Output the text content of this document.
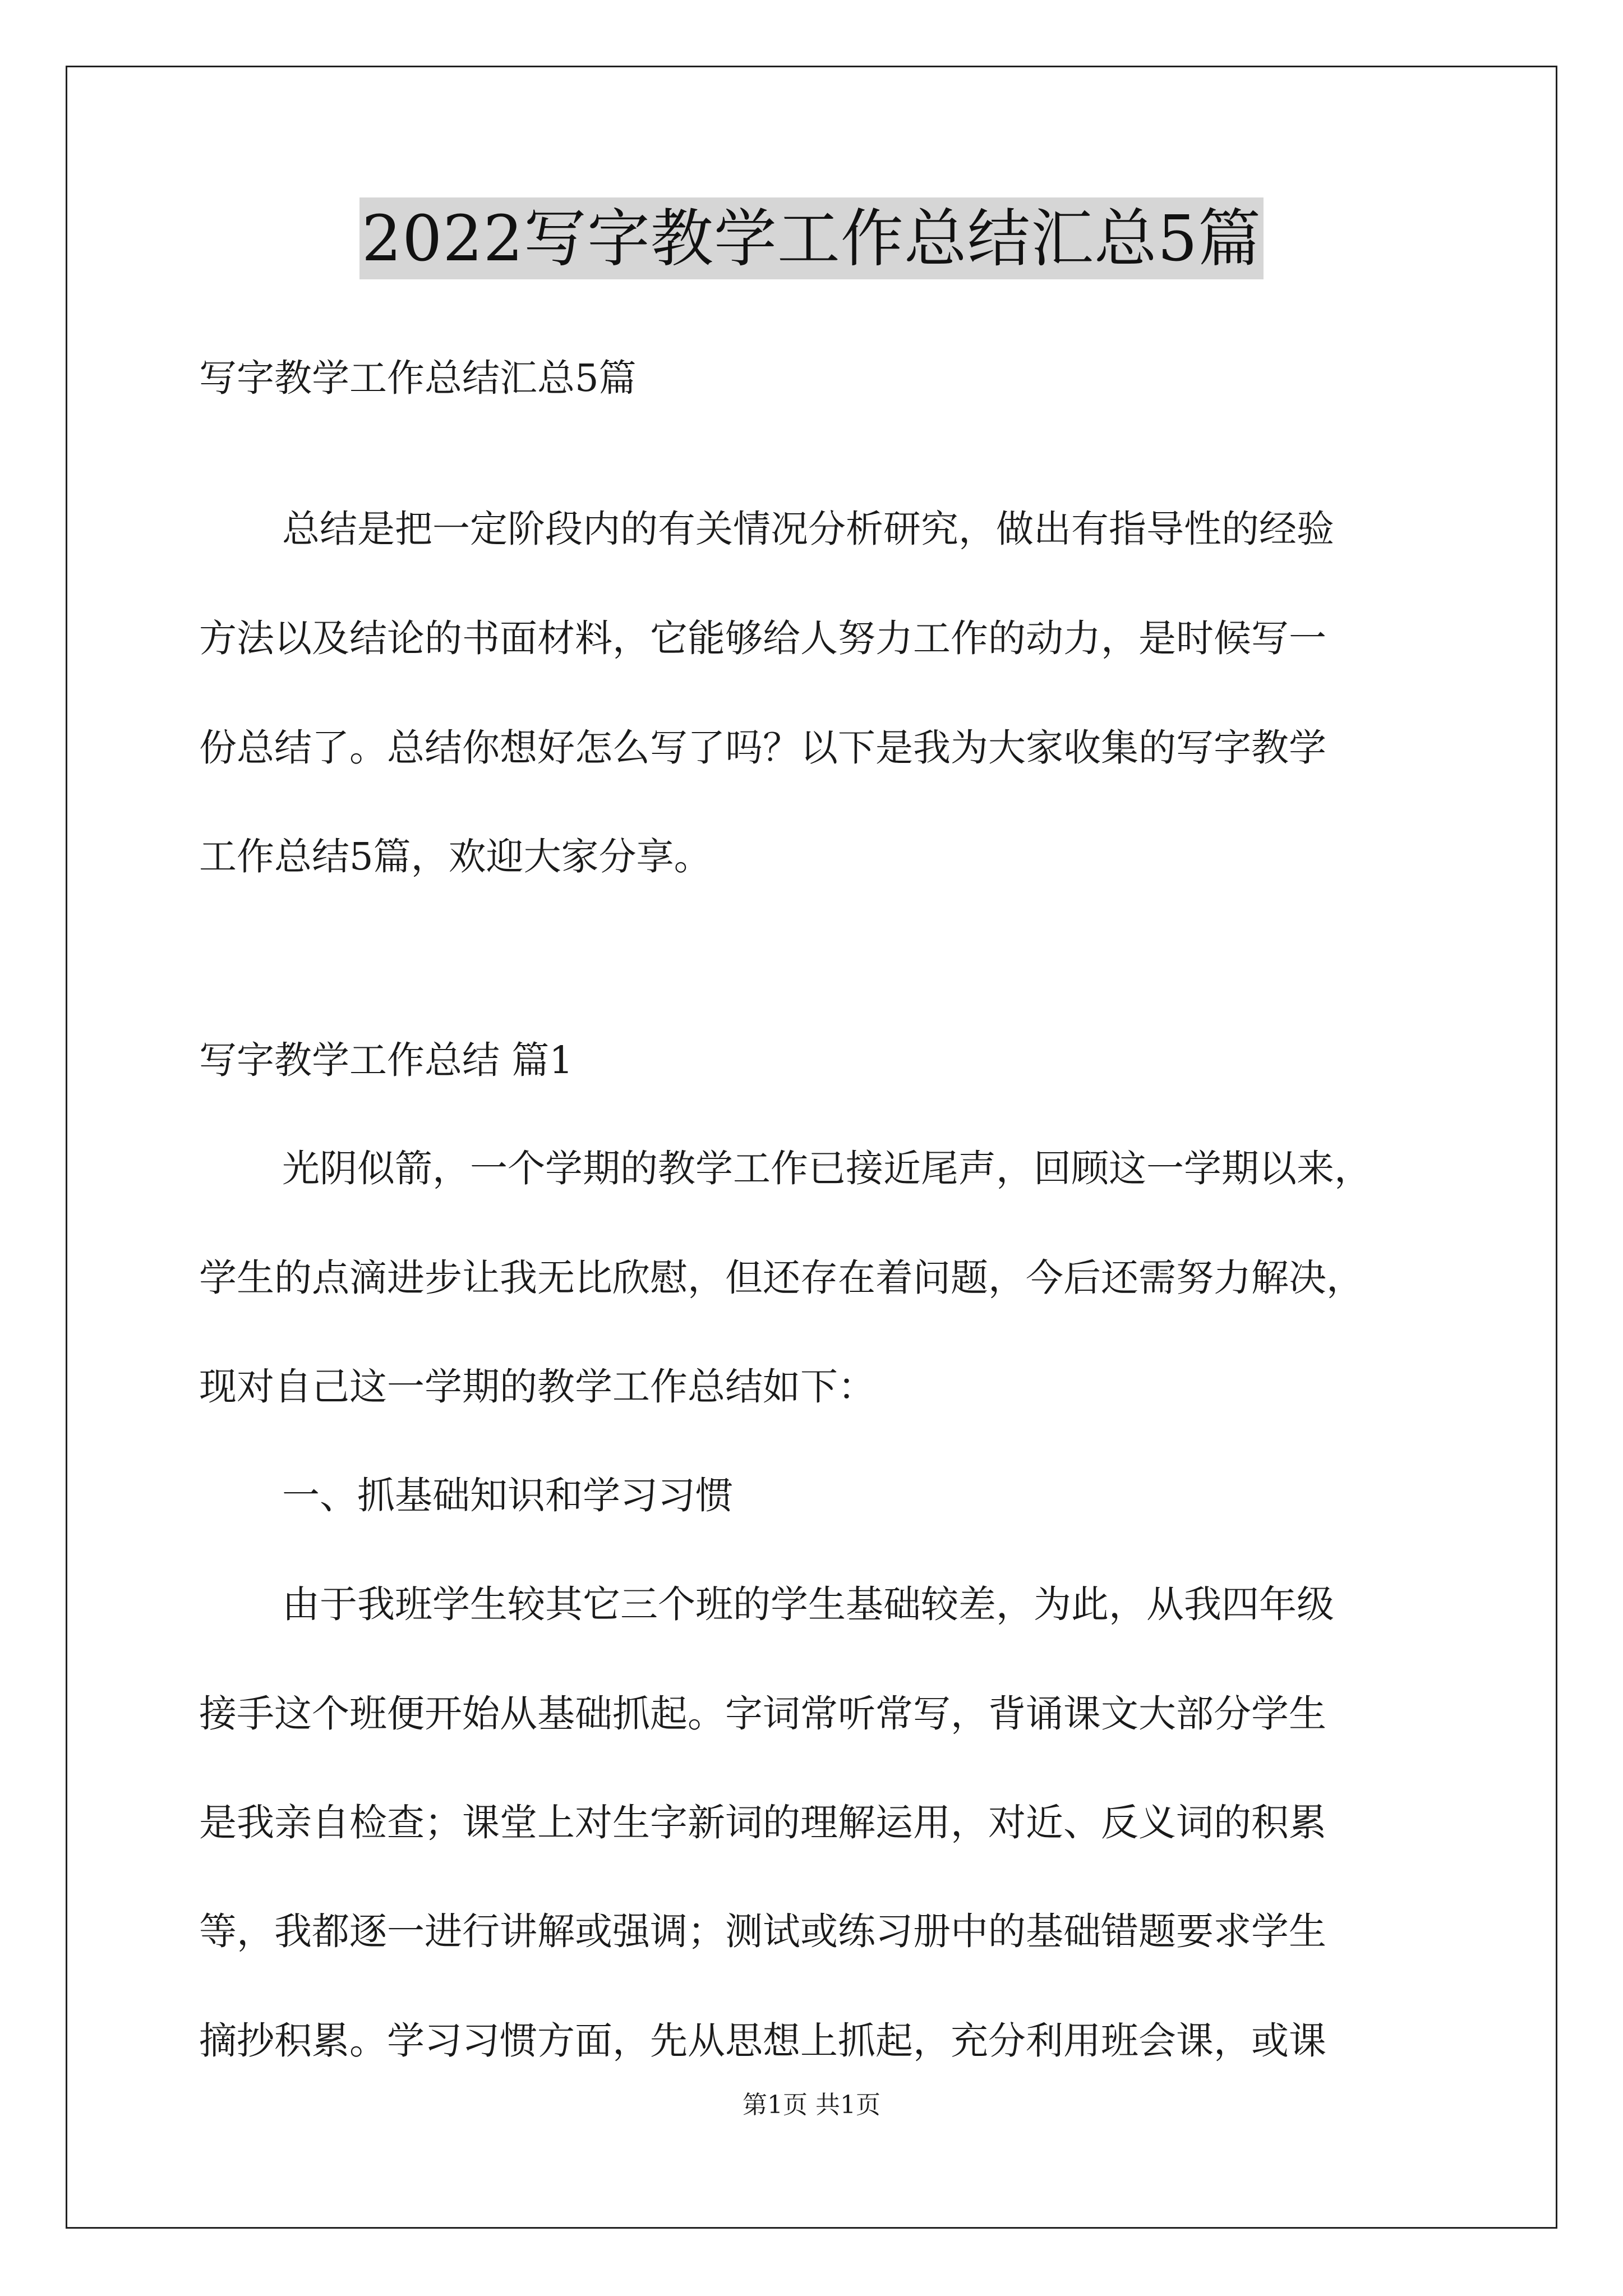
2022写字教学工作总结汇总5篇
写字教学工作总结汇总5篇
总结是把一定阶段内的有关情况分析研究，做出有指导性的经验
方法以及结论的书面材料，它能够给人努力工作的动力，是时候写一
份总结了。总结你想好怎么写了吗？以下是我为大家收集的写字教学
工作总结5篇，欢迎大家分享。
写字教学工作总结 篇1
光阴似箭，一个学期的教学工作已接近尾声，回顾这一学期以来，
学生的点滴进步让我无比欣慰，但还存在着问题，今后还需努力解决，
现对自己这一学期的教学工作总结如下：
一、抓基础知识和学习习惯
由于我班学生较其它三个班的学生基础较差，为此，从我四年级
接手这个班便开始从基础抓起。字词常听常写，背诵课文大部分学生
是我亲自检查；课堂上对生字新词的理解运用，对近、反义词的积累
等，我都逐一进行讲解或强调；测试或练习册中的基础错题要求学生
摘抄积累。学习习惯方面，先从思想上抓起，充分利用班会课，或课
第1页 共1页
